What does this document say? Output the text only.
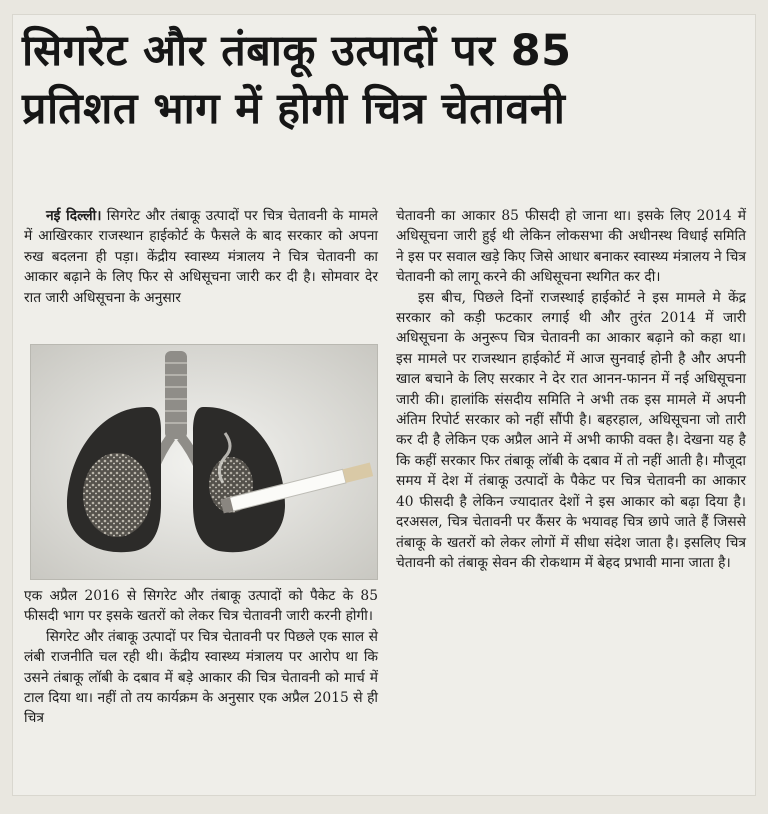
सिगरेट और तंबाकू उत्पादों पर 85
प्रतिशत भाग में होगी चित्र चेतावनी

नई दिल्ली। सिगरेट और तंबाकू उत्पादों पर चित्र चेतावनी के मामले में आखिरकार राजस्थान हाईकोर्ट के फैसले के बाद सरकार को अपना रुख बदलना ही पड़ा। केंद्रीय स्वास्थ्य मंत्रालय ने चित्र चेतावनी का आकार बढ़ाने के लिए फिर से अधिसूचना जारी कर दी है। सोमवार देर रात जारी अधिसूचना के अनुसार

एक अप्रैल 2016 से सिगरेट और तंबाकू उत्पादों को पैकेट के 85 फीसदी भाग पर इसके खतरों को लेकर चित्र चेतावनी जारी करनी होगी।

सिगरेट और तंबाकू उत्पादों पर चित्र चेतावनी पर पिछले एक साल से लंबी राजनीति चल रही थी। केंद्रीय स्वास्थ्य मंत्रालय पर आरोप था कि उसने तंबाकू लॉबी के दबाव में बड़े आकार की चित्र चेतावनी को मार्च में टाल दिया था। नहीं तो तय कार्यक्रम के अनुसार एक अप्रैल 2015 से ही चित्र

चेतावनी का आकार 85 फीसदी हो जाना था। इसके लिए 2014 में अधिसूचना जारी हुई थी लेकिन लोकसभा की अधीनस्थ विधाई समिति ने इस पर सवाल खड़े किए जिसे आधार बनाकर स्वास्थ्य मंत्रालय ने चित्र चेतावनी को लागू करने की अधिसूचना स्थगित कर दी।

इस बीच, पिछले दिनों राजस्थाई हाईकोर्ट ने इस मामले मे केंद्र सरकार को कड़ी फटकार लगाई थी और तुरंत 2014 में जारी अधिसूचना के अनुरूप चित्र चेतावनी का आकार बढ़ाने को कहा था। इस मामले पर राजस्थान हाईकोर्ट में आज सुनवाई होनी है और अपनी खाल बचाने के लिए सरकार ने देर रात आनन-फानन में नई अधिसूचना जारी की। हालांकि संसदीय समिति ने अभी तक इस मामले में अपनी अंतिम रिपोर्ट सरकार को नहीं सौंपी है। बहरहाल, अधिसूचना जो तारी कर दी है लेकिन एक अप्रैल आने में अभी काफी वक्त है। देखना यह है कि कहीं सरकार फिर तंबाकू लॉबी के दबाव में तो नहीं आती है। मौजूदा समय में देश में तंबाकू उत्पादों के पैकेट पर चित्र चेतावनी का आकार 40 फीसदी है लेकिन ज्यादातर देशों ने इस आकार को बढ़ा दिया है। दरअसल, चित्र चेतावनी पर कैंसर के भयावह चित्र छापे जाते हैं जिससे तंबाकू के खतरों को लेकर लोगों में सीधा संदेश जाता है। इसलिए चित्र चेतावनी को तंबाकू सेवन की रोकथाम में बेहद प्रभावी माना जाता है।
